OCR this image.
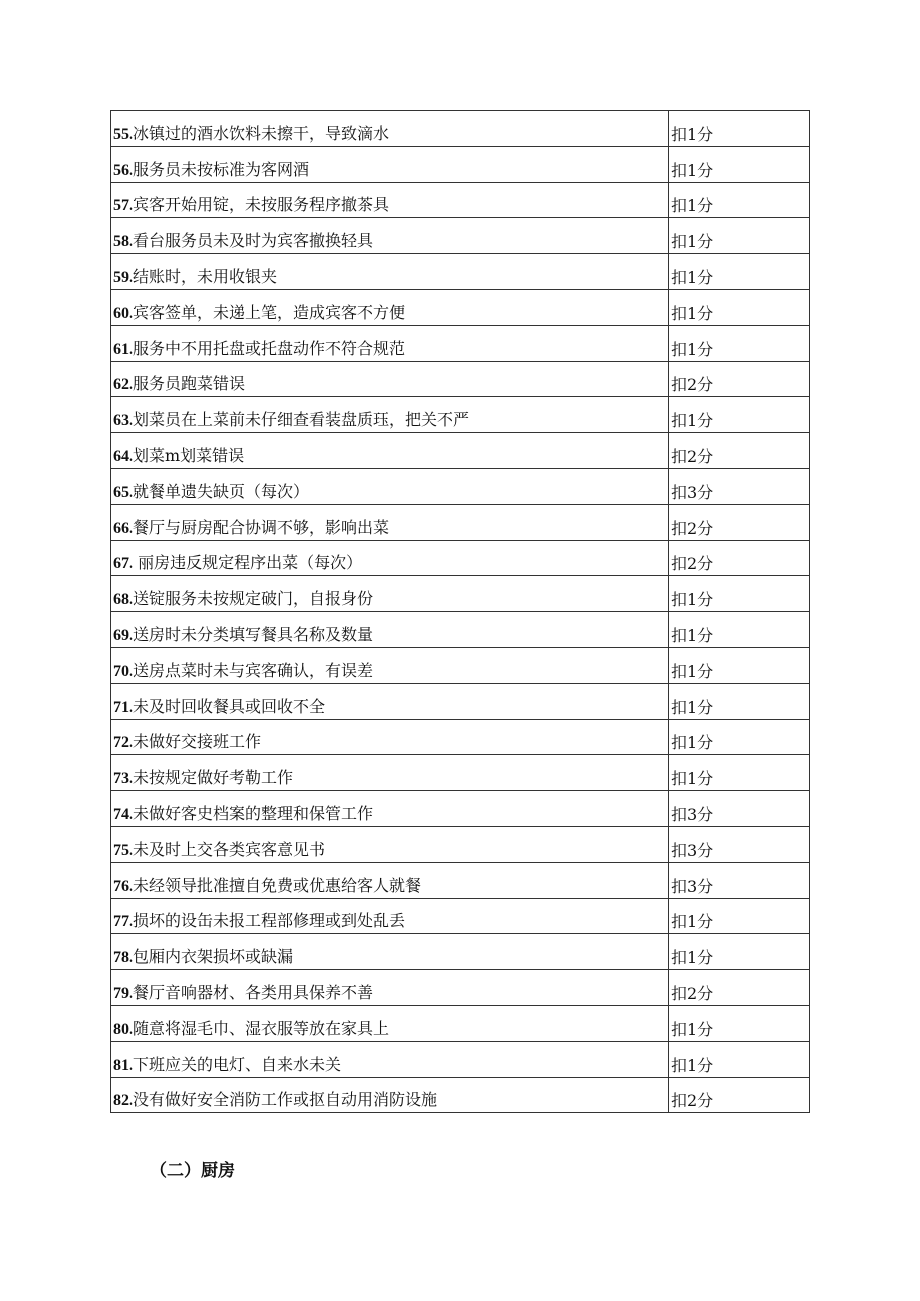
55.冰镇过的酒水饮料未擦干，导致滴水	扣1分
56.服务员未按标准为客网酒	扣1分
57.宾客开始用锭，未按服务程序撤茶具	扣1分
58.看台服务员未及时为宾客撤换轻具	扣1分
59.结账时，未用收银夹	扣1分
60.宾客签单，未递上笔，造成宾客不方便	扣1分
61.服务中不用托盘或托盘动作不符合规范	扣1分
62.服务员跑菜错误	扣2分
63.划菜员在上菜前未仔细查看装盘质珏，把关不严	扣1分
64.划菜m划菜错误	扣2分
65.就餐单遗失缺页（每次）	扣3分
66.餐厅与厨房配合协调不够，影响出菜	扣2分
67. 丽房违反规定程序出菜（每次）	扣2分
68.送锭服务未按规定破门，自报身份	扣1分
69.送房时未分类填写餐具名称及数量	扣1分
70.送房点菜时未与宾客确认，有误差	扣1分
71.未及时回收餐具或回收不全	扣1分
72.未做好交接班工作	扣1分
73.未按规定做好考勒工作	扣1分
74.未做好客史档案的整理和保管工作	扣3分
75.未及时上交各类宾客意见书	扣3分
76.未经领导批准擅自免费或优惠给客人就餐	扣3分
77.损坏的设缶未报工程部修理或到处乱丢	扣1分
78.包厢内衣架损坏或缺漏	扣1分
79.餐厅音响器材、各类用具保养不善	扣2分
80.随意将湿毛巾、湿衣服等放在家具上	扣1分
81.下班应关的电灯、自来水未关	扣1分
82.没有做好安全消防工作或抠自动用消防设施	扣2分
（二）厨房
